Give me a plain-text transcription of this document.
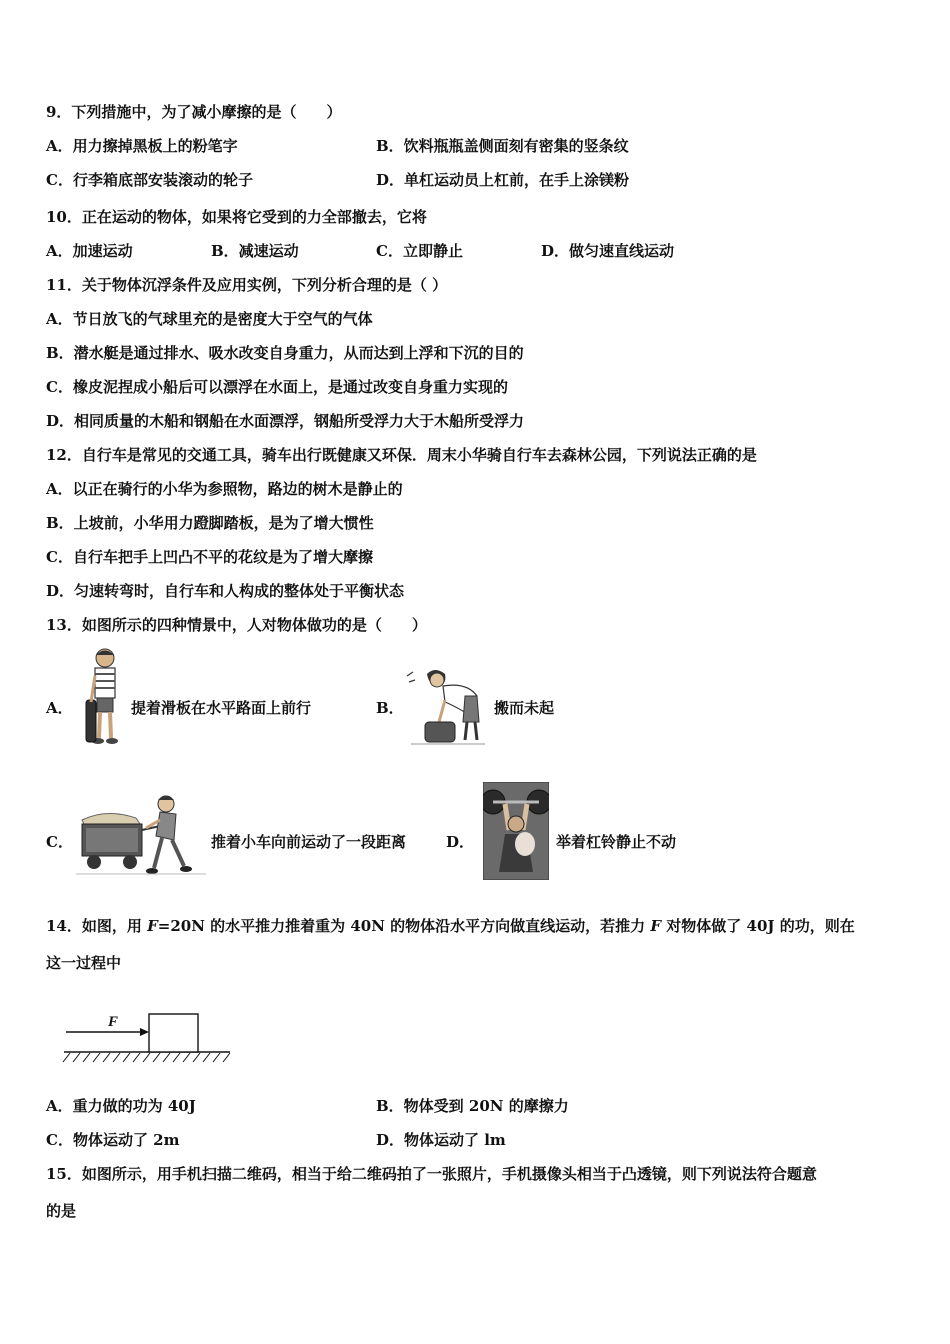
9．下列措施中，为了减小摩擦的是（　　）
A．用力擦掉黑板上的粉笔字	B．饮料瓶瓶盖侧面刻有密集的竖条纹
C．行李箱底部安装滚动的轮子	D．单杠运动员上杠前，在手上涂镁粉
10．正在运动的物体，如果将它受到的力全部撤去，它将
A．加速运动	B．减速运动	C．立即静止	D．做匀速直线运动
11．关于物体沉浮条件及应用实例，下列分析合理的是（ ）
A．节日放飞的气球里充的是密度大于空气的气体
B．潜水艇是通过排水、吸水改变自身重力，从而达到上浮和下沉的目的
C．橡皮泥捏成小船后可以漂浮在水面上，是通过改变自身重力实现的
D．相同质量的木船和钢船在水面漂浮，钢船所受浮力大于木船所受浮力
12．自行车是常见的交通工具，骑车出行既健康又环保．周末小华骑自行车去森林公园，下列说法正确的是
A．以正在骑行的小华为参照物，路边的树木是静止的
B．上坡前，小华用力蹬脚踏板，是为了增大惯性
C．自行车把手上凹凸不平的花纹是为了增大摩擦
D．匀速转弯时，自行车和人构成的整体处于平衡状态
13．如图所示的四种情景中，人对物体做功的是（　　）
A．	提着滑板在水平路面上前行	B．	搬而未起
C．	推着小车向前运动了一段距离	D．	举着杠铃静止不动
14．如图，用 F=20N 的水平推力推着重为 40N 的物体沿水平方向做直线运动，若推力 F 对物体做了 40J 的功，则在
这一过程中
F
A．重力做的功为 40J	B．物体受到 20N 的摩擦力
C．物体运动了 2m	D．物体运动了 lm
15．如图所示，用手机扫描二维码，相当于给二维码拍了一张照片，手机摄像头相当于凸透镜，则下列说法符合题意
的是
